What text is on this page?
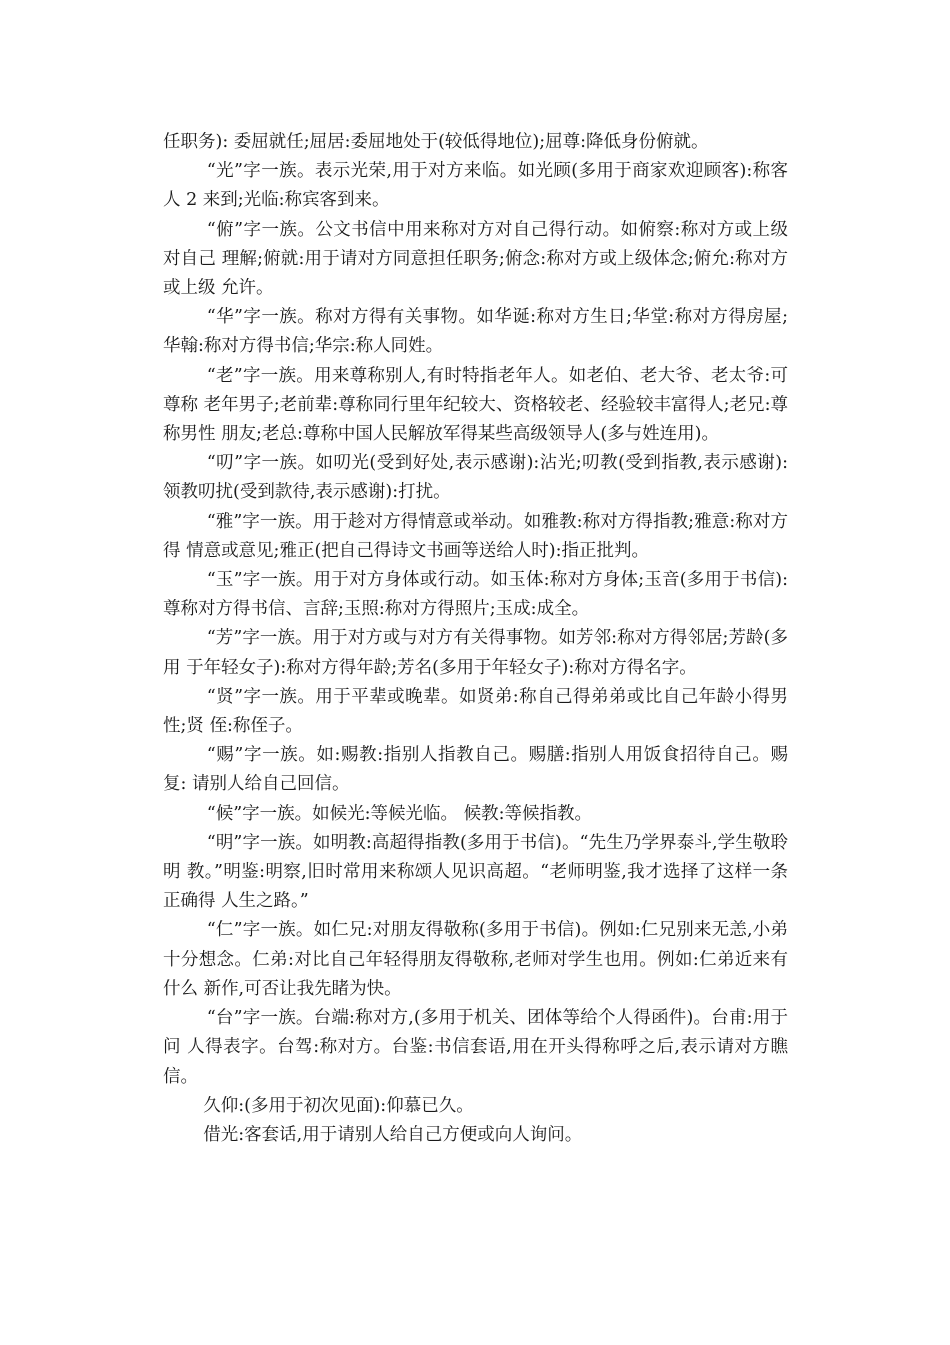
任职务): 委屈就任;屈居:委屈地处于(较低得地位);屈尊:降低身份俯就。

“光”字一族。表示光荣,用于对方来临。如光顾(多用于商家欢迎顾客):称客人 2 来到;光临:称宾客到来。

“俯”字一族。公文书信中用来称对方对自己得行动。如俯察:称对方或上级对自己 理解;俯就:用于请对方同意担任职务;俯念:称对方或上级体念;俯允:称对方或上级 允许。

“华”字一族。称对方得有关事物。如华诞:称对方生日;华堂:称对方得房屋; 华翰:称对方得书信;华宗:称人同姓。

“老”字一族。用来尊称别人,有时特指老年人。如老伯、老大爷、老太爷:可尊称 老年男子;老前辈:尊称同行里年纪较大、资格较老、经验较丰富得人;老兄:尊称男性 朋友;老总:尊称中国人民解放军得某些高级领导人(多与姓连用)。

“叨”字一族。如叨光(受到好处,表示感谢):沾光;叨教(受到指教,表示感谢): 领教叨扰(受到款待,表示感谢):打扰。

“雅”字一族。用于趁对方得情意或举动。如雅教:称对方得指教;雅意:称对方得 情意或意见;雅正(把自己得诗文书画等送给人时):指正批判。

“玉”字一族。用于对方身体或行动。如玉体:称对方身体;玉音(多用于书信): 尊称对方得书信、言辞;玉照:称对方得照片;玉成:成全。

“芳”字一族。用于对方或与对方有关得事物。如芳邻:称对方得邻居;芳龄(多用 于年轻女子):称对方得年龄;芳名(多用于年轻女子):称对方得名字。

“贤”字一族。用于平辈或晚辈。如贤弟:称自己得弟弟或比自己年龄小得男性;贤 侄:称侄子。

“赐”字一族。如:赐教:指别人指教自己。赐膳:指别人用饭食招待自己。赐复: 请别人给自己回信。

“候”字一族。如候光:等候光临。 候教:等候指教。

“明”字一族。如明教:高超得指教(多用于书信)。“先生乃学界泰斗,学生敬聆明 教。”明鉴:明察,旧时常用来称颂人见识高超。“老师明鉴,我才选择了这样一条正确得 人生之路。”

“仁”字一族。如仁兄:对朋友得敬称(多用于书信)。例如:仁兄别来无恙,小弟 十分想念。仁弟:对比自己年轻得朋友得敬称,老师对学生也用。例如:仁弟近来有什么 新作,可否让我先睹为快。

“台”字一族。台端:称对方,(多用于机关、团体等给个人得函件)。台甫:用于问 人得表字。台驾:称对方。台鉴:书信套语,用在开头得称呼之后,表示请对方瞧信。

久仰:(多用于初次见面):仰慕已久。

借光:客套话,用于请别人给自己方便或向人询问。
